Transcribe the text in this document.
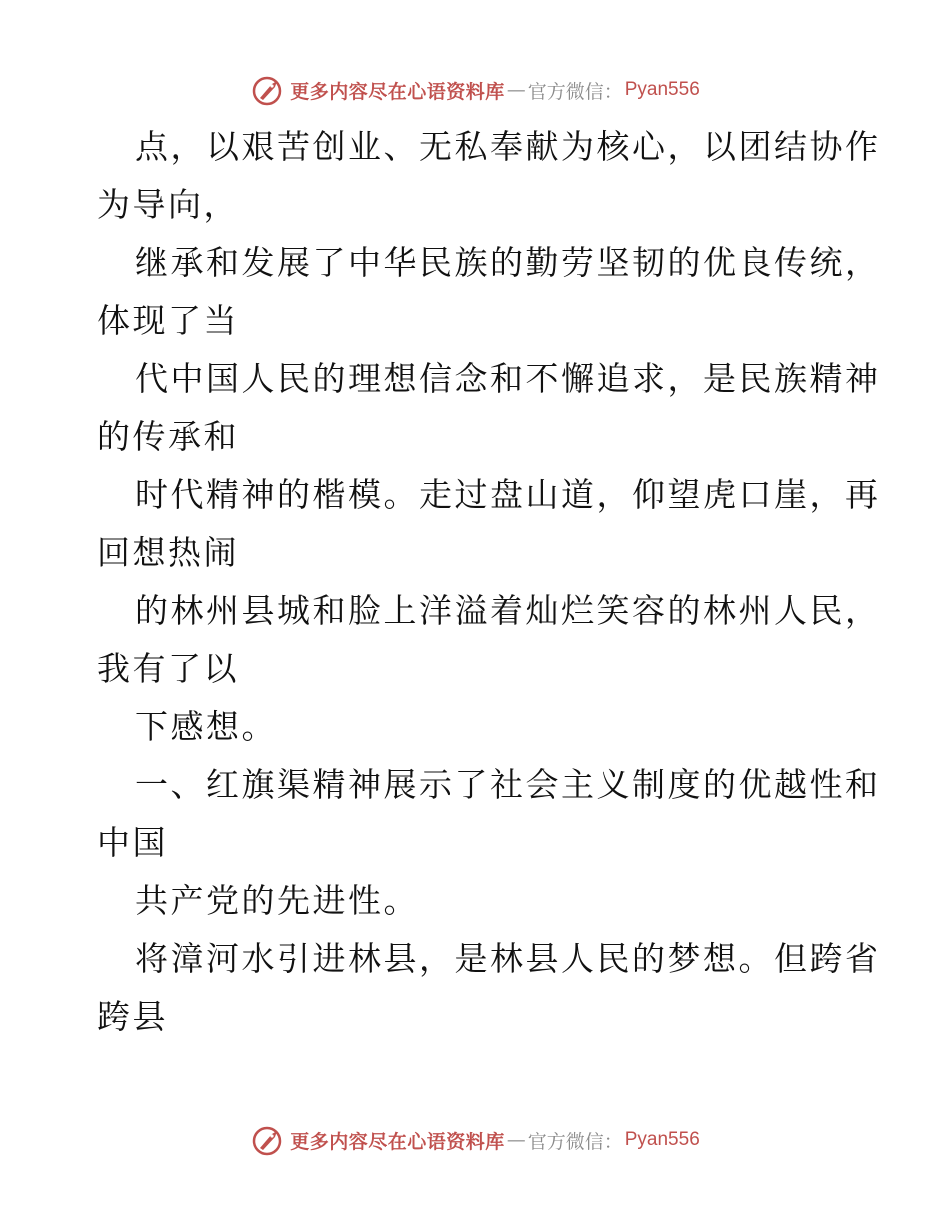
更多内容尽在心语资料库 — 官方微信： Pyan556
点，以艰苦创业、无私奉献为核心，以团结协作
为导向，
继承和发展了中华民族的勤劳坚韧的优良传统，
体现了当
代中国人民的理想信念和不懈追求，是民族精神
的传承和
时代精神的楷模。走过盘山道，仰望虎口崖，再
回想热闹
的林州县城和脸上洋溢着灿烂笑容的林州人民，
我有了以
下感想。
一、红旗渠精神展示了社会主义制度的优越性和
中国
共产党的先进性。
将漳河水引进林县，是林县人民的梦想。但跨省
跨县
更多内容尽在心语资料库 — 官方微信： Pyan556
